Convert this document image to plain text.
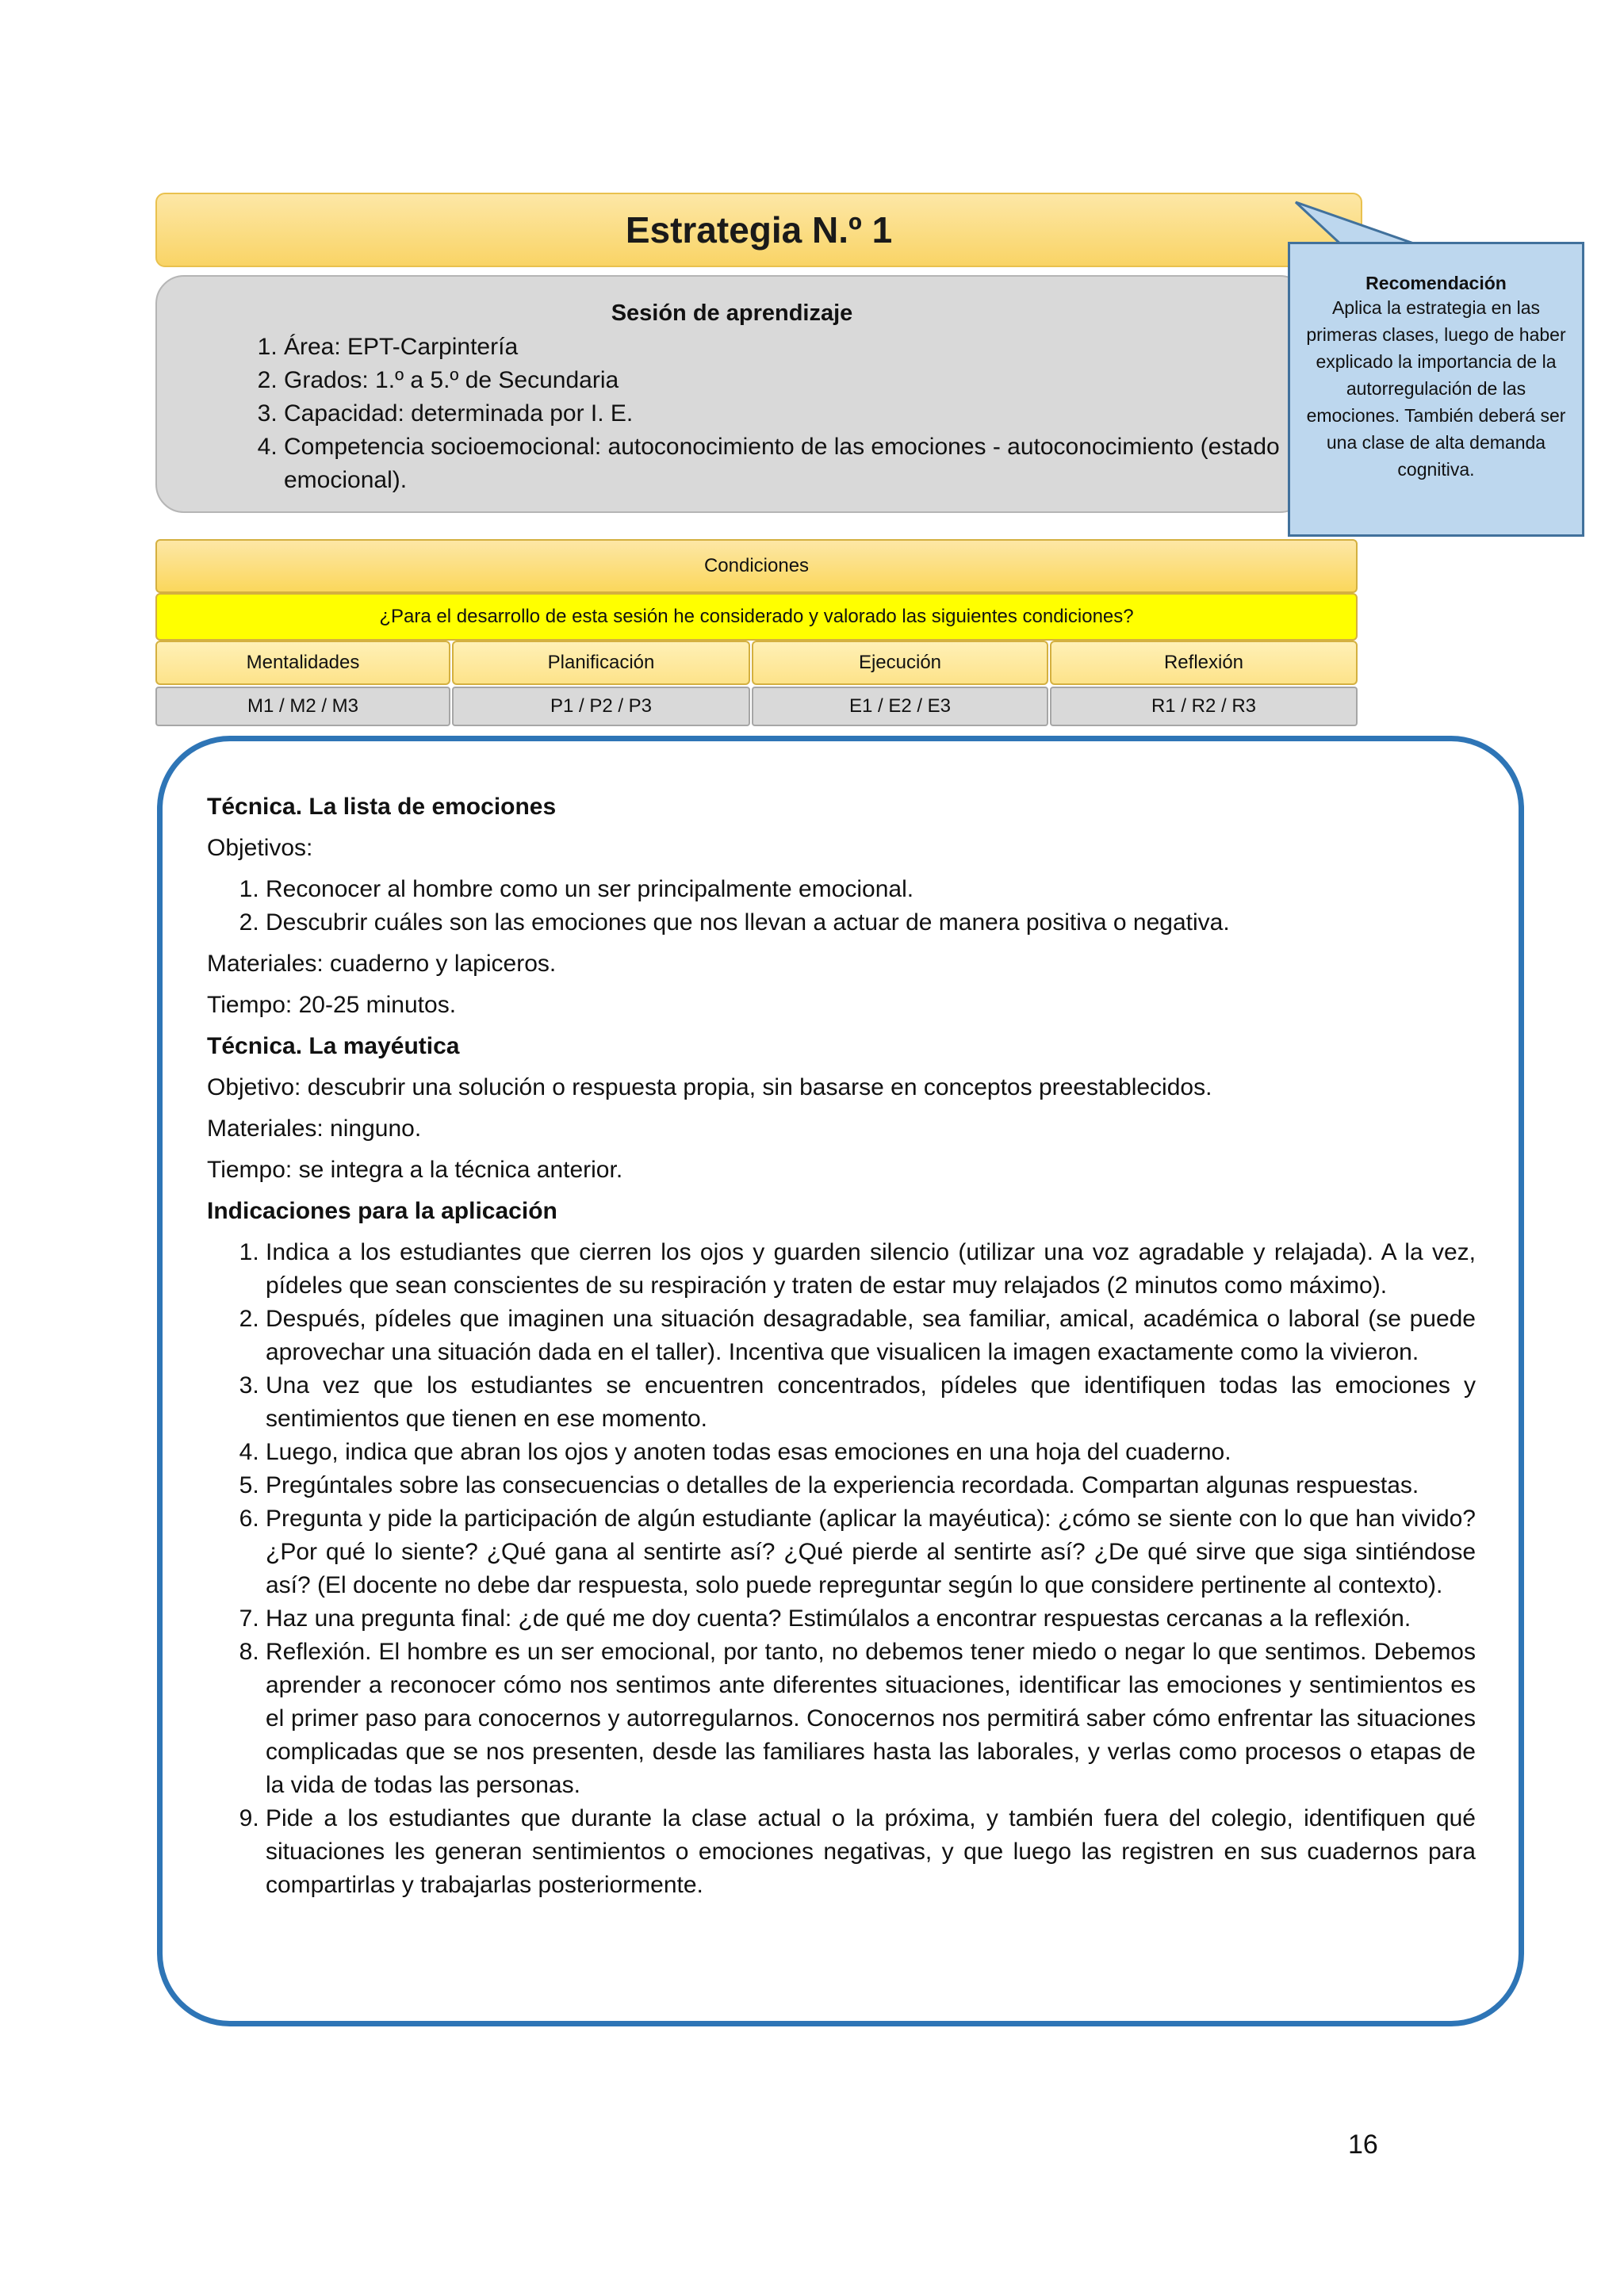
Estrategia N.º 1
Sesión de aprendizaje
1. Área: EPT-Carpintería
2. Grados: 1.º a 5.º de Secundaria
3. Capacidad: determinada por I. E.
4. Competencia socioemocional: autoconocimiento de las emociones - autoconocimiento (estado emocional).
Recomendación
Aplica la estrategia en las primeras clases, luego de haber explicado la importancia de la autorregulación de las emociones. También deberá ser una clase de alta demanda cognitiva.
Condiciones
¿Para el desarrollo de esta sesión he considerado y valorado las siguientes condiciones?
Mentalidades	Planificación	Ejecución	Reflexión
M1 / M2 / M3	P1 / P2 / P3	E1 / E2 / E3	R1 / R2 / R3

Técnica. La lista de emociones

Objetivos:

1. Reconocer al hombre como un ser principalmente emocional.
2. Descubrir cuáles son las emociones que nos llevan a actuar de manera positiva o negativa.

Materiales: cuaderno y lapiceros.

Tiempo: 20-25 minutos.

Técnica. La mayéutica

Objetivo: descubrir una solución o respuesta propia, sin basarse en conceptos preestablecidos.

Materiales: ninguno.

Tiempo: se integra a la técnica anterior.

Indicaciones para la aplicación

1. Indica a los estudiantes que cierren los ojos y guarden silencio (utilizar una voz agradable y relajada). A la vez, pídeles que sean conscientes de su respiración y traten de estar muy relajados (2 minutos como máximo).
2. Después, pídeles que imaginen una situación desagradable, sea familiar, amical, académica o laboral (se puede aprovechar una situación dada en el taller). Incentiva que visualicen la imagen exactamente como la vivieron.
3. Una vez que los estudiantes se encuentren concentrados, pídeles que identifiquen todas las emociones y sentimientos que tienen en ese momento.
4. Luego, indica que abran los ojos y anoten todas esas emociones en una hoja del cuaderno.
5. Pregúntales sobre las consecuencias o detalles de la experiencia recordada. Compartan algunas respuestas.
6. Pregunta y pide la participación de algún estudiante (aplicar la mayéutica): ¿cómo se siente con lo que han vivido? ¿Por qué lo siente? ¿Qué gana al sentirte así? ¿Qué pierde al sentirte así? ¿De qué sirve que siga sintiéndose así? (El docente no debe dar respuesta, solo puede repreguntar según lo que considere pertinente al contexto).
7. Haz una pregunta final: ¿de qué me doy cuenta? Estimúlalos a encontrar respuestas cercanas a la reflexión.
8. Reflexión. El hombre es un ser emocional, por tanto, no debemos tener miedo o negar lo que sentimos. Debemos aprender a reconocer cómo nos sentimos ante diferentes situaciones, identificar las emociones y sentimientos es el primer paso para conocernos y autorregularnos. Conocernos nos permitirá saber cómo enfrentar las situaciones complicadas que se nos presenten, desde las familiares hasta las laborales, y verlas como procesos o etapas de la vida de todas las personas.
9. Pide a los estudiantes que durante la clase actual o la próxima, y también fuera del colegio, identifiquen qué situaciones les generan sentimientos o emociones negativas, y que luego las registren en sus cuadernos para compartirlas y trabajarlas posteriormente.
16
